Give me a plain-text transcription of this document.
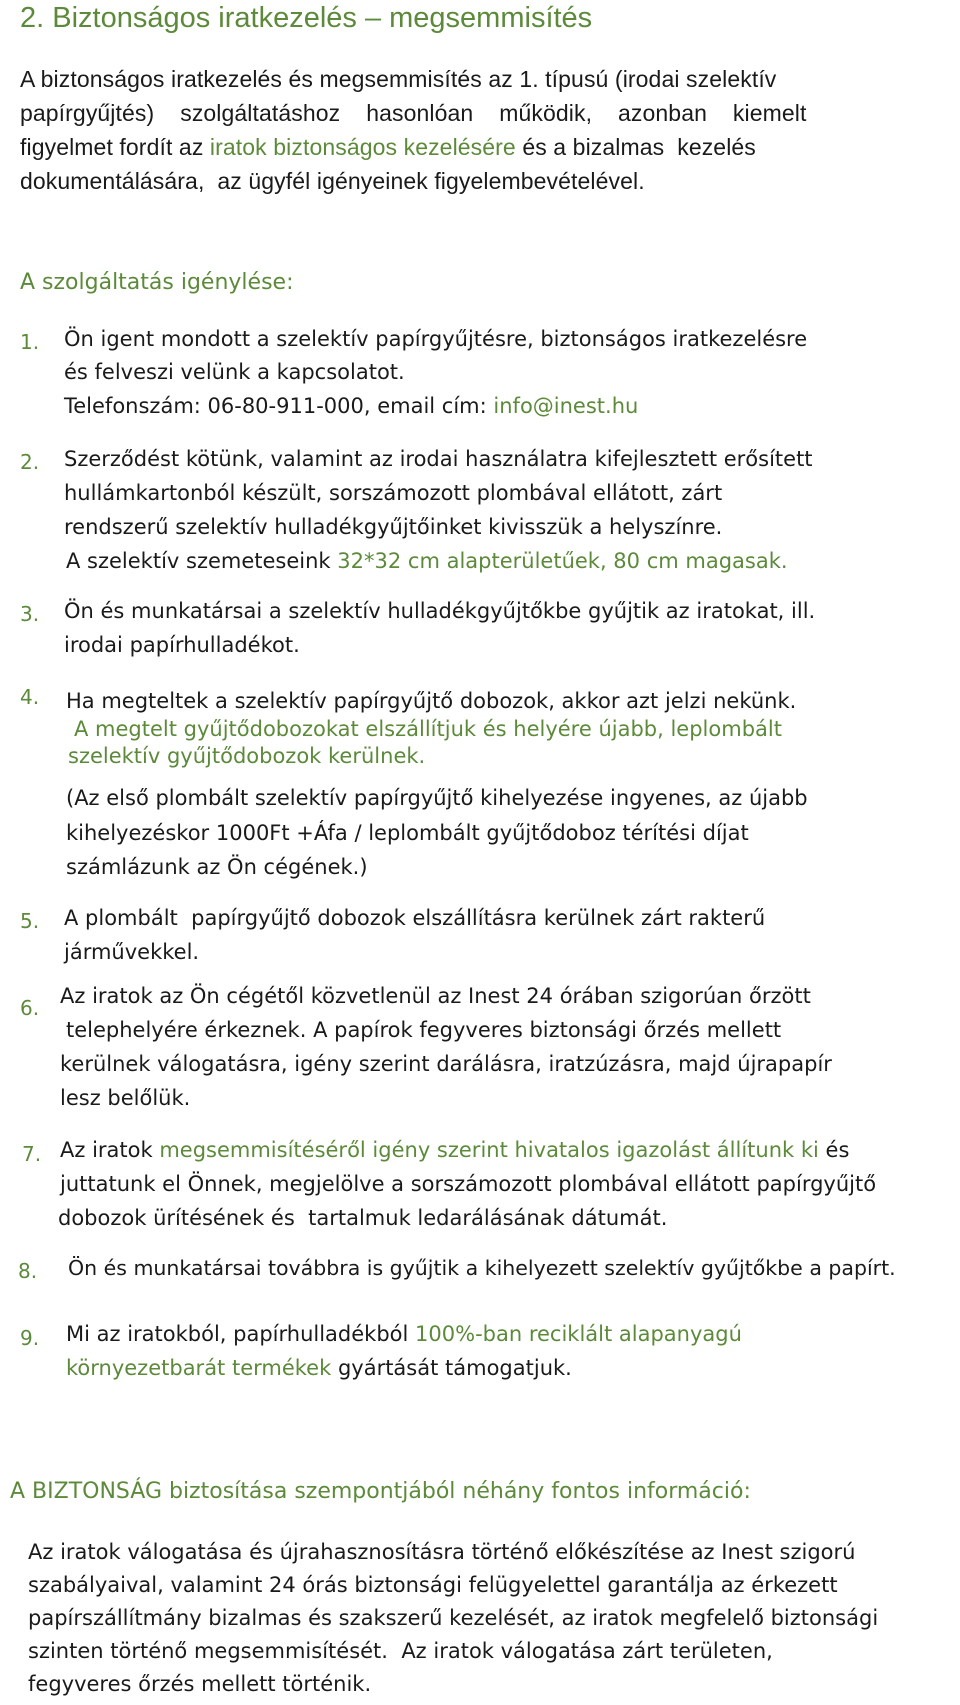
2. Biztonságos iratkezelés – megsemmisítés
A biztonságos iratkezelés és megsemmisítés az 1. típusú (irodai szelektív
papírgyűjtés)    szolgáltatáshoz    hasonlóan    működik,    azonban    kiemelt
figyelmet fordít az iratok biztonságos kezelésére és a bizalmas  kezelés
dokumentálására,  az ügyfél igényeinek figyelembevételével.
A szolgáltatás igénylése:
1. Ön igent mondott a szelektív papírgyűjtésre, biztonságos iratkezelésre
és felveszi velünk a kapcsolatot.
Telefonszám: 06-80-911-000, email cím: info@inest.hu
2. Szerződést kötünk, valamint az irodai használatra kifejlesztett erősített
hullámkartonból készült, sorszámozott plombával ellátott, zárt
rendszerű szelektív hulladékgyűjtőinket kivisszük a helyszínre.
A szelektív szemeteseink 32*32 cm alapterületűek, 80 cm magasak.
3. Ön és munkatársai a szelektív hulladékgyűjtőkbe gyűjtik az iratokat, ill.
irodai papírhulladékot.
4. Ha megteltek a szelektív papírgyűjtő dobozok, akkor azt jelzi nekünk.
A megtelt gyűjtődobozokat elszállítjuk és helyére újabb, leplombált
szelektív gyűjtődobozok kerülnek.
(Az első plombált szelektív papírgyűjtő kihelyezése ingyenes, az újabb
kihelyezéskor 1000Ft +Áfa / leplombált gyűjtődoboz térítési díjat
számlázunk az Ön cégének.)
5. A plombált  papírgyűjtő dobozok elszállításra kerülnek zárt rakterű
járművekkel.
6. Az iratok az Ön cégétől közvetlenül az Inest 24 órában szigorúan őrzött
telephelyére érkeznek. A papírok fegyveres biztonsági őrzés mellett
kerülnek válogatásra, igény szerint darálásra, iratzúzásra, majd újrapapír
lesz belőlük.
7. Az iratok megsemmisítéséről igény szerint hivatalos igazolást állítunk ki és
juttatunk el Önnek, megjelölve a sorszámozott plombával ellátott papírgyűjtő
dobozok ürítésének és  tartalmuk ledarálásának dátumát.
8. Ön és munkatársai továbbra is gyűjtik a kihelyezett szelektív gyűjtőkbe a papírt.
9. Mi az iratokból, papírhulladékból 100%-ban reciklált alapanyagú
környezetbarát termékek gyártását támogatjuk.
A BIZTONSÁG biztosítása szempontjából néhány fontos információ:
Az iratok válogatása és újrahasznosításra történő előkészítése az Inest szigorú
szabályaival, valamint 24 órás biztonsági felügyelettel garantálja az érkezett
papírszállítmány bizalmas és szakszerű kezelését, az iratok megfelelő biztonsági
szinten történő megsemmisítését.  Az iratok válogatása zárt területen,
fegyveres őrzés mellett történik.
